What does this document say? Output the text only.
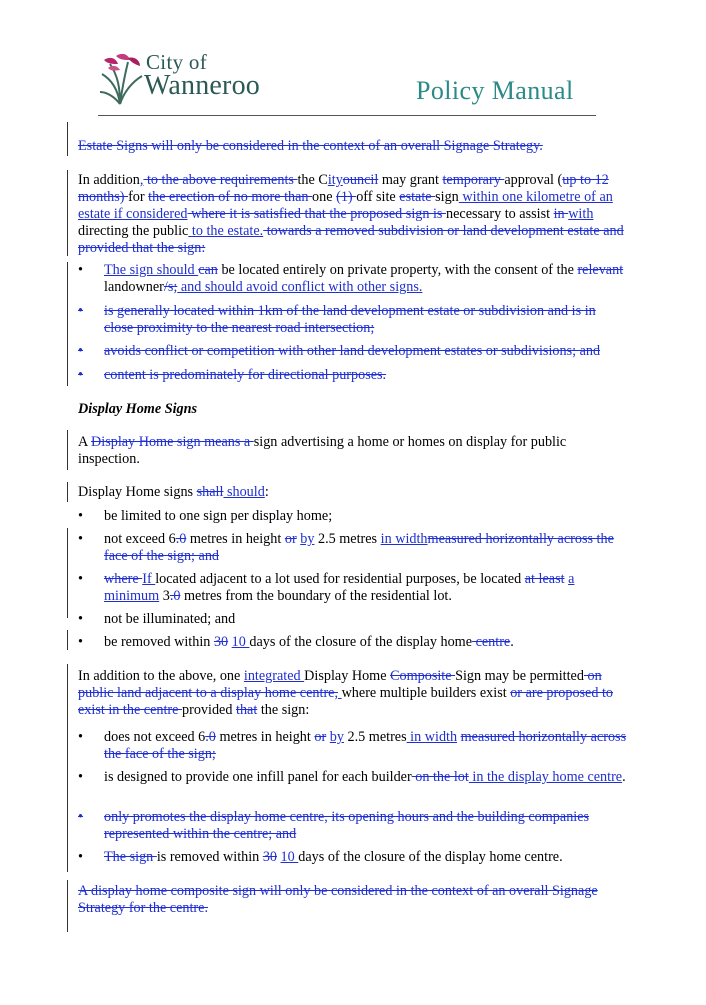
City of
Wanneroo	Policy Manual

Estate Signs will only be considered in the context of an overall Signage Strategy.

In addition, to the above requirements the Cityouncil may grant temporary approval (up to 12 months) for the erection of no more than one (1) off site estate sign within one kilometre of an estate if considered where it is satisfied that the proposed sign is necessary to assist in with directing the public to the estate. towards a removed subdivision or land development estate and provided that the sign:

•	The sign should can be located entirely on private property, with the consent of the relevant landowner/s; and should avoid conflict with other signs.
•	is generally located within 1km of the land development estate or subdivision and is in close proximity to the nearest road intersection;
•	avoids conflict or competition with other land development estates or subdivisions; and
•	content is predominately for directional purposes.

Display Home Signs

A Display Home sign means a sign advertising a home or homes on display for public inspection.

Display Home signs shall should:

•	be limited to one sign per display home;
•	not exceed 6.0 metres in height or by 2.5 metres in widthmeasured horizontally across the face of the sign; and
•	where If located adjacent to a lot used for residential purposes, be located at least a minimum 3.0 metres from the boundary of the residential lot.
•	not be illuminated; and
•	be removed within 30 10 days of the closure of the display home centre.

In addition to the above, one integrated Display Home Composite Sign may be permitted on public land adjacent to a display home centre, where multiple builders exist or are proposed to exist in the centre provided that the sign:

•	does not exceed 6.0 metres in height or by 2.5 metres in width measured horizontally across the face of the sign;
•	is designed to provide one infill panel for each builder on the lot in the display home centre.
•	only promotes the display home centre, its opening hours and the building companies represented within the centre; and
•	The sign is removed within 30 10 days of the closure of the display home centre.

A display home composite sign will only be considered in the context of an overall Signage Strategy for the centre.
